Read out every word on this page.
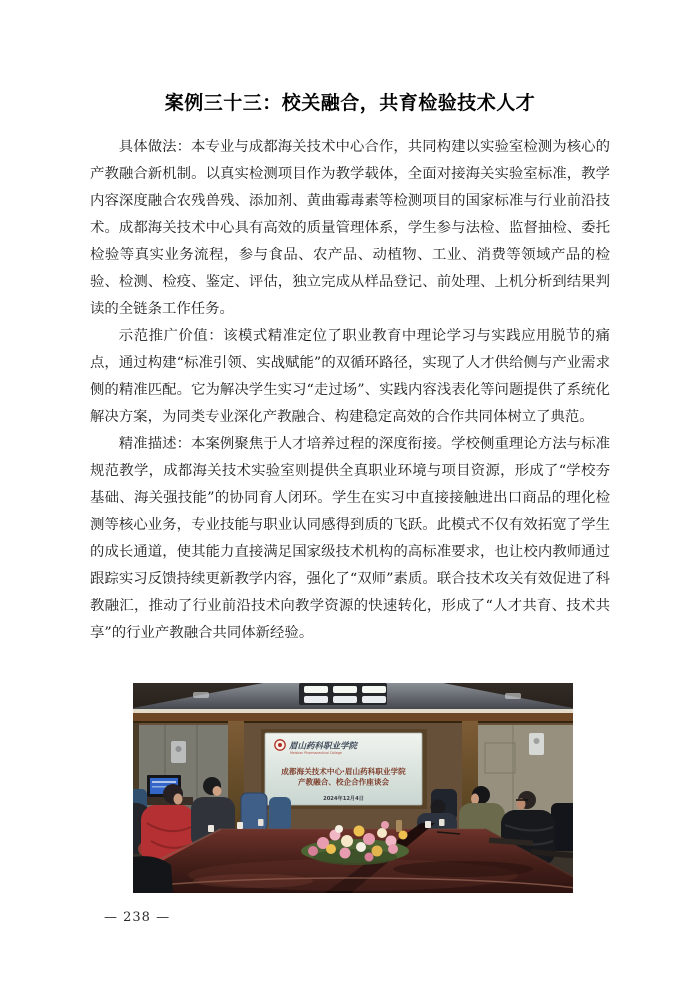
案例三十三：校关融合，共育检验技术人才

具体做法：本专业与成都海关技术中心合作，共同构建以实验室检测为核心的产教融合新机制。以真实检测项目作为教学载体，全面对接海关实验室标准，教学内容深度融合农残兽残、添加剂、黄曲霉毒素等检测项目的国家标准与行业前沿技术。成都海关技术中心具有高效的质量管理体系，学生参与法检、监督抽检、委托检验等真实业务流程，参与食品、农产品、动植物、工业、消费等领域产品的检验、检测、检疫、鉴定、评估，独立完成从样品登记、前处理、上机分析到结果判读的全链条工作任务。

示范推广价值：该模式精准定位了职业教育中理论学习与实践应用脱节的痛点，通过构建“标准引领、实战赋能”的双循环路径，实现了人才供给侧与产业需求侧的精准匹配。它为解决学生实习“走过场”、实践内容浅表化等问题提供了系统化解决方案，为同类专业深化产教融合、构建稳定高效的合作共同体树立了典范。

精准描述：本案例聚焦于人才培养过程的深度衔接。学校侧重理论方法与标准规范教学，成都海关技术实验室则提供全真职业环境与项目资源，形成了“学校夯基础、海关强技能”的协同育人闭环。学生在实习中直接接触进出口商品的理化检测等核心业务，专业技能与职业认同感得到质的飞跃。此模式不仅有效拓宽了学生的成长通道，使其能力直接满足国家级技术机构的高标准要求，也让校内教师通过跟踪实习反馈持续更新教学内容，强化了“双师”素质。联合技术攻关有效促进了科教融汇，推动了行业前沿技术向教学资源的快速转化，形成了“人才共育、技术共享”的行业产教融合共同体新经验。

眉山药科职业学院
Meishan Pharmaceutical College
成都海关技术中心·眉山药科职业学院
产教融合、校企合作座谈会
2024年12月4日
— 238 —
